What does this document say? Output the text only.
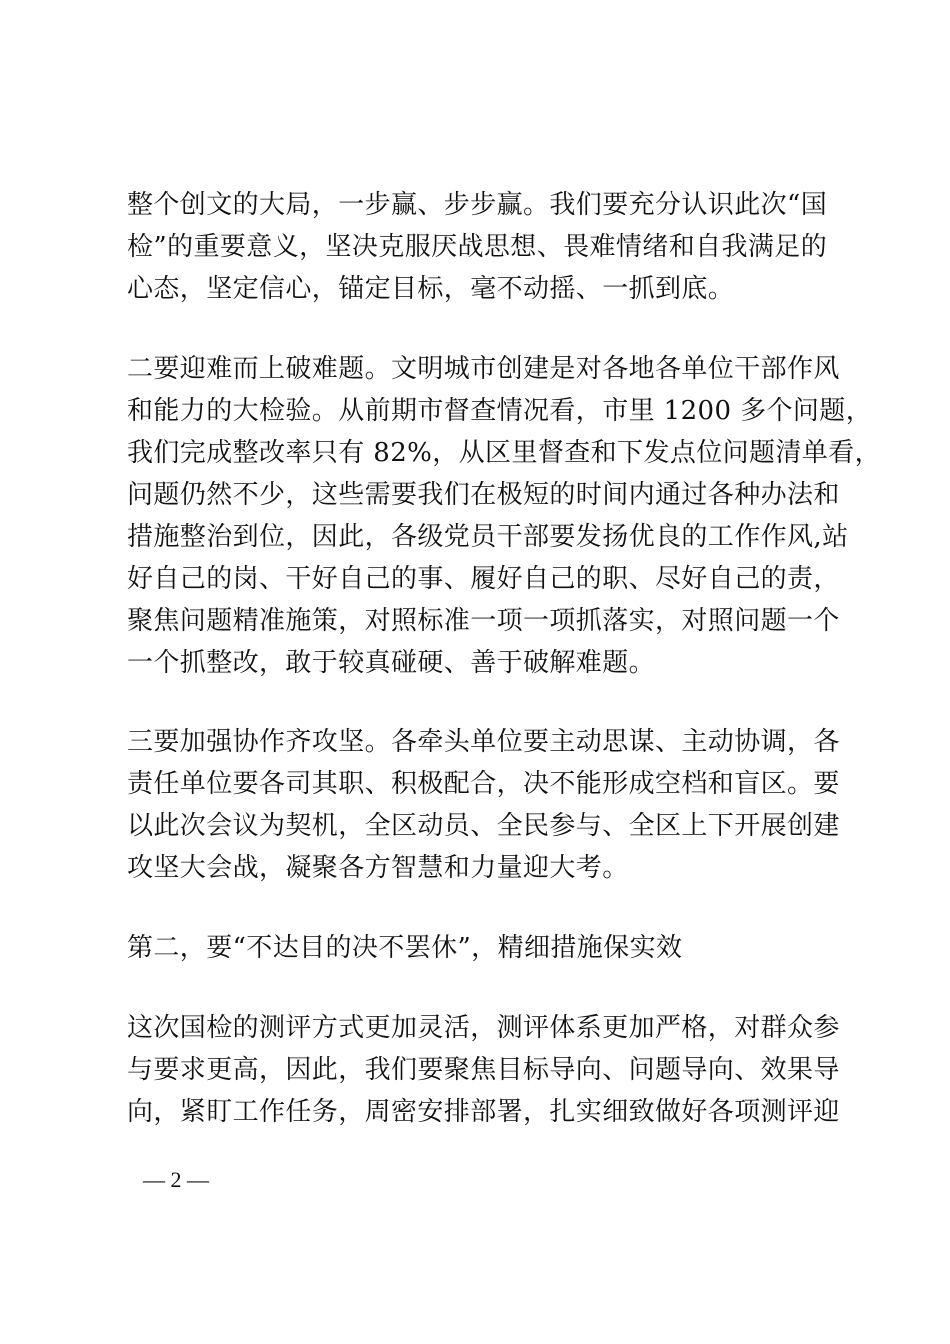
整个创文的大局，一步赢、步步赢。我们要充分认识此次“国
检”的重要意义，坚决克服厌战思想、畏难情绪和自我满足的
心态，坚定信心，锚定目标，毫不动摇、一抓到底。
二要迎难而上破难题。文明城市创建是对各地各单位干部作风
和能力的大检验。从前期市督查情况看，市里 1200 多个问题，
我们完成整改率只有 82%，从区里督查和下发点位问题清单看，
问题仍然不少，这些需要我们在极短的时间内通过各种办法和
措施整治到位，因此，各级党员干部要发扬优良的工作作风,站
好自己的岗、干好自己的事、履好自己的职、尽好自己的责，
聚焦问题精准施策，对照标准一项一项抓落实，对照问题一个
一个抓整改，敢于较真碰硬、善于破解难题。
三要加强协作齐攻坚。各牵头单位要主动思谋、主动协调，各
责任单位要各司其职、积极配合，决不能形成空档和盲区。要
以此次会议为契机，全区动员、全民参与、全区上下开展创建
攻坚大会战，凝聚各方智慧和力量迎大考。
第二，要“不达目的决不罢休”，精细措施保实效
这次国检的测评方式更加灵活，测评体系更加严格，对群众参
与要求更高，因此，我们要聚焦目标导向、问题导向、效果导
向，紧盯工作任务，周密安排部署，扎实细致做好各项测评迎
— 2 —
